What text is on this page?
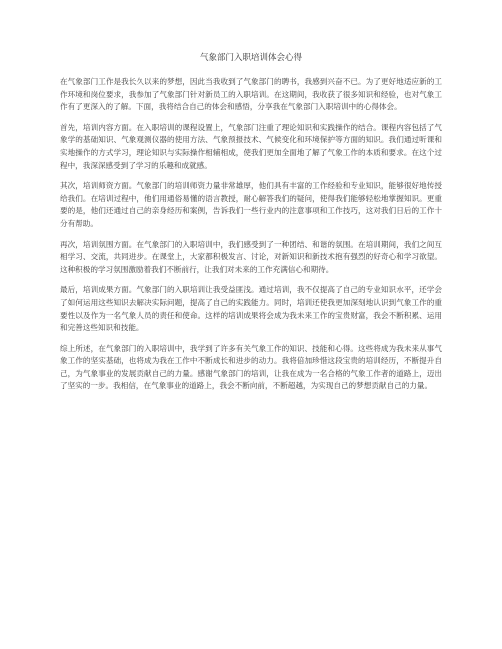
气象部门入职培训体会心得

在气象部门工作是我长久以来的梦想，因此当我收到了气象部门的聘书，我感到兴奋不已。为了更好地适应新的工作环境和岗位要求，我参加了气象部门针对新员工的入职培训。在这期间，我收获了很多知识和经验，也对气象工作有了更深入的了解。下面，我将结合自己的体会和感悟，分享我在气象部门入职培训中的心得体会。

首先，培训内容方面。在入职培训的课程设置上，气象部门注重了理论知识和实践操作的结合。课程内容包括了气象学的基础知识、气象观测仪器的使用方法、气象预报技术、气候变化和环境保护等方面的知识。我们通过听课和实地操作的方式学习，理论知识与实际操作相辅相成，使我们更加全面地了解了气象工作的本质和要求。在这个过程中，我深深感受到了学习的乐趣和成就感。

其次，培训师资方面。气象部门的培训师资力量非常雄厚，他们具有丰富的工作经验和专业知识，能够很好地传授给我们。在培训过程中，他们用通俗易懂的语言教授，耐心解答我们的疑问，使得我们能够轻松地掌握知识。更重要的是，他们还通过自己的亲身经历和案例，告诉我们一些行业内的注意事项和工作技巧，这对我们日后的工作十分有帮助。

再次，培训氛围方面。在气象部门的入职培训中，我们感受到了一种团结、和谐的氛围。在培训期间，我们之间互相学习、交流，共同进步。在课堂上，大家都积极发言、讨论，对新知识和新技术抱有强烈的好奇心和学习欲望。这种积极的学习氛围激励着我们不断前行，让我们对未来的工作充满信心和期待。

最后，培训成果方面。气象部门的入职培训让我受益匪浅。通过培训，我不仅提高了自己的专业知识水平，还学会了如何运用这些知识去解决实际问题，提高了自己的实践能力。同时，培训还使我更加深刻地认识到气象工作的重要性以及作为一名气象人员的责任和使命。这样的培训成果将会成为我未来工作的宝贵财富，我会不断积累、运用和完善这些知识和技能。

综上所述，在气象部门的入职培训中，我学到了许多有关气象工作的知识、技能和心得。这些将成为我未来从事气象工作的坚实基础，也将成为我在工作中不断成长和进步的动力。我将倍加珍惜这段宝贵的培训经历，不断提升自己，为气象事业的发展贡献自己的力量。感谢气象部门的培训，让我在成为一名合格的气象工作者的道路上，迈出了坚实的一步。我相信，在气象事业的道路上，我会不断向前，不断超越，为实现自己的梦想贡献自己的力量。
